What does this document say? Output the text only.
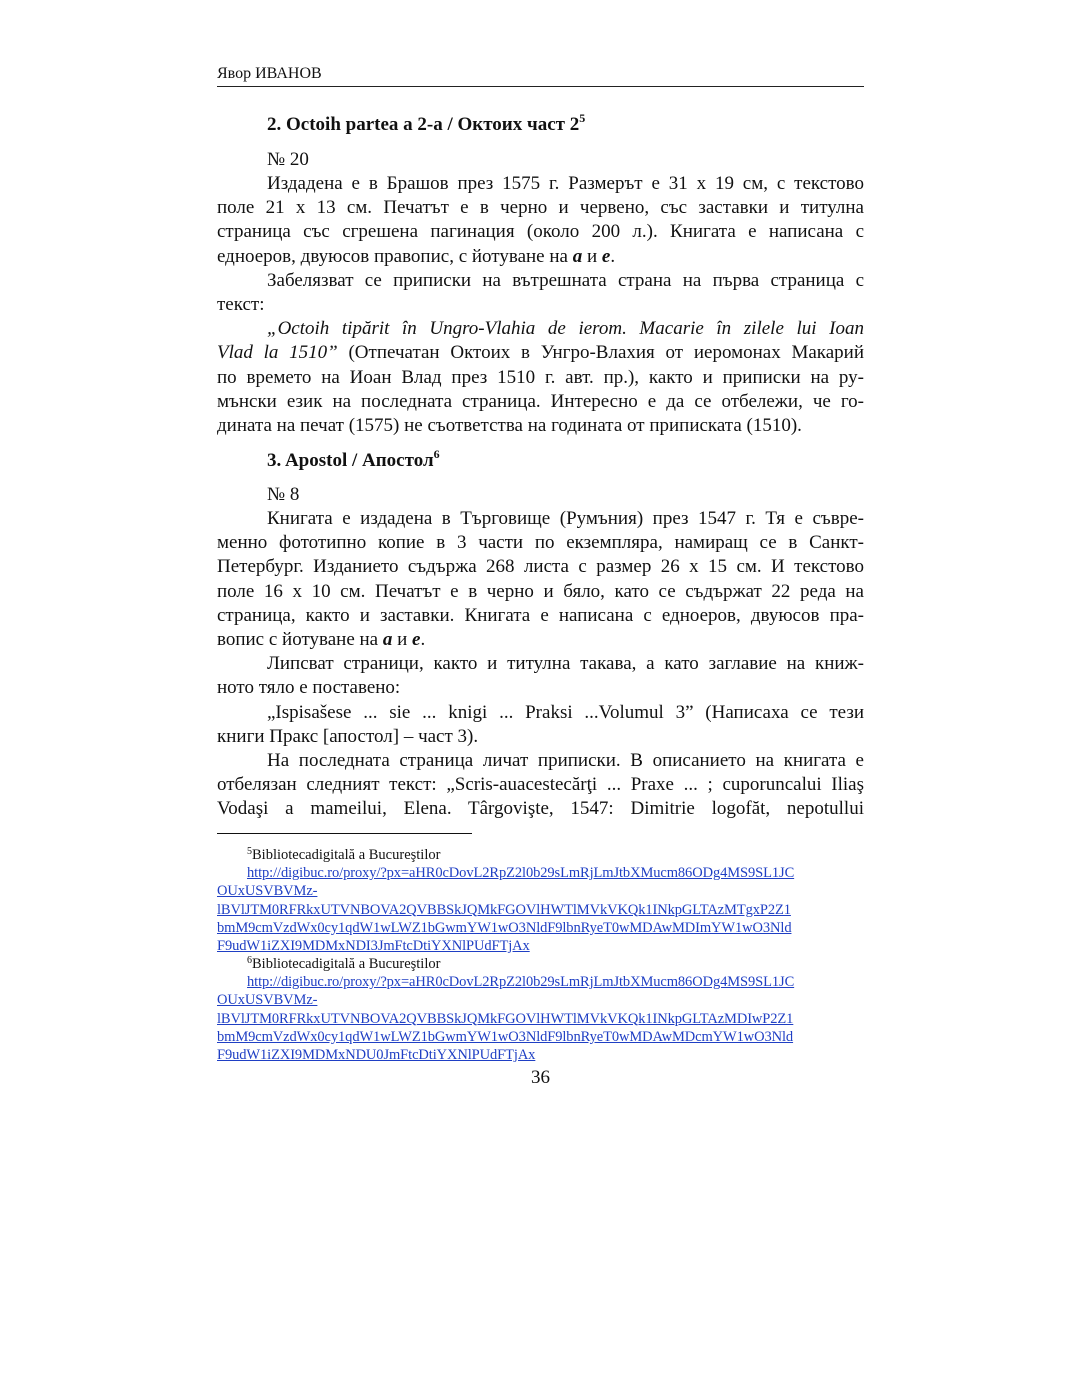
Явор ИВАНОВ
2. Octoih partea a 2-a / Октоих част $2^5$
№ 20
Издадена е в Брашов през 1575 г. Размерът е 31 х 19 см, с текстово
поле 21 х 13 см. Печатът е в черно и червено, със заставки и титулна
страница със сгрешена пагинация (около 200 л.). Книгата е написана с
едноеров, двуюсов правопис, с йотуване на а и е.
Забелязват се приписки на вътрешната страна на първа страница с
текст:
„Octoih tipărit în Ungro-Vlahia de ierom. Macarie în zilele lui Ioan
Vlad la 1510” (Отпечатан Октоих в Унгро-Влахия от иеромонах Макарий
по времето на Иоан Влад през 1510 г. авт. пр.), както и приписки на ру-
мънски език на последната страница. Интересно е да се отбележи, че го-
дината на печат (1575) не съответства на годината от приписката (1510).
3. Apostol / Апостол$^6$
№ 8
Книгата е издадена в Търговище (Румъния) през 1547 г. Тя е съвре-
менно фототипно копие в 3 части по екземпляра, намиращ се в Санкт-
Петербург. Изданието съдържа 268 листа с размер 26 х 15 см. И текстово
поле 16 х 10 см. Печатът е в черно и бяло, като се съдържат 22 реда на
страница, както и заставки. Книгата е написана с едноеров, двуюсов пра-
вопис с йотуване на а и е.
Липсват страници, както и титулна такава, а като заглавие на книж-
ното тяло е поставено:
„Ispisašese ... sie ... knigi ... Praksi ...Volumul 3” (Написаха се тези
книги Пракс [апостол] – част 3).
На последната страница личат приписки. В описанието на книгата е
отбелязан следният текст: „Scris-auacestecărţi ... Praxe ... ; cuporuncalui Iliaş
Vodaşi a mameilui, Elena. Târgovişte, 1547: Dimitrie logofăt, nepotullui
$^5$Bibliotecadigitală a Bucureştilor
http://digibuc.ro/proxy/?px=aHR0cDovL2RpZ2l0b29sLmRjLmJtbXMucm86ODg4MS9SL1JC
OUxUSVBVMz-
lBVlJTM0RFRkxUTVNBOVA2QVBBSkJQMkFGOVlHWTlMVkVKQk1INkpGLTAzMTgxP2Z1
bmM9cmVzdWx0cy1qdW1wLWZ1bGwmYW1wO3NldF9lbnRyeT0wMDAwMDImYW1wO3Nld
F9udW1iZXI9MDMxNDI3JmFtcDtiYXNlPUdFTjAx
$^6$Bibliotecadigitală a Bucureştilor
http://digibuc.ro/proxy/?px=aHR0cDovL2RpZ2l0b29sLmRjLmJtbXMucm86ODg4MS9SL1JC
OUxUSVBVMz-
lBVlJTM0RFRkxUTVNBOVA2QVBBSkJQMkFGOVlHWTlMVkVKQk1INkpGLTAzMDIwP2Z1
bmM9cmVzdWx0cy1qdW1wLWZ1bGwmYW1wO3NldF9lbnRyeT0wMDAwMDcmYW1wO3Nld
F9udW1iZXI9MDMxNDU0JmFtcDtiYXNlPUdFTjAx
36
